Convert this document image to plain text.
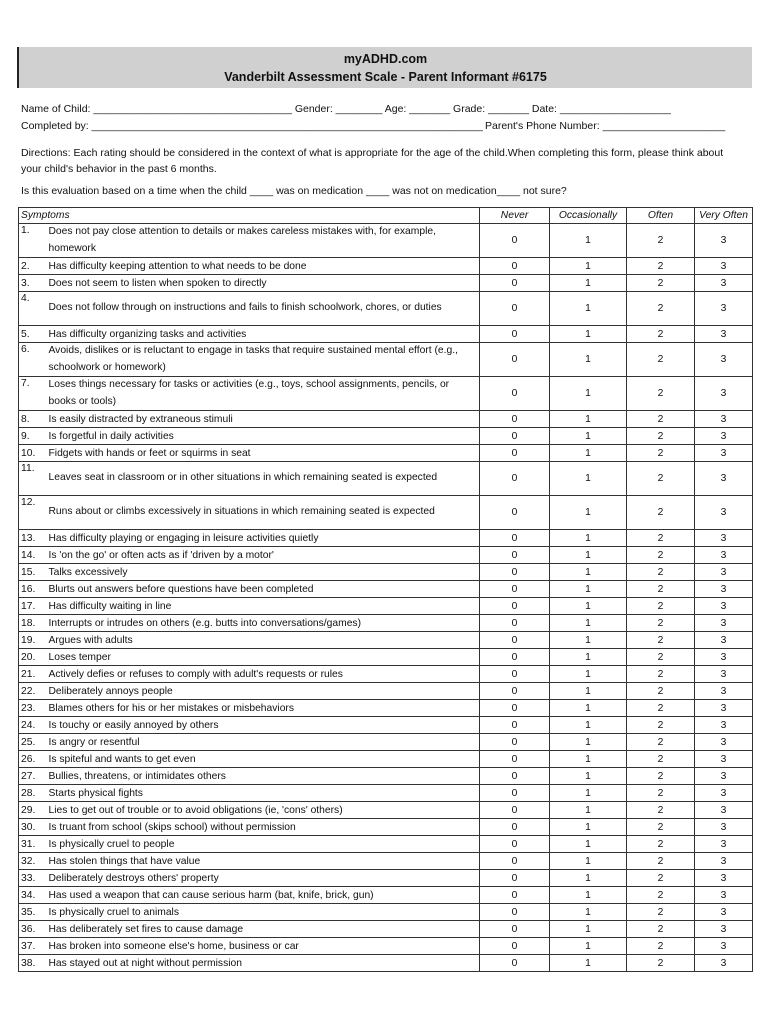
myADHD.com
Vanderbilt Assessment Scale - Parent Informant #6175
Name of Child: __________________________________ Gender: ________ Age: _______ Grade: _______ Date: ___________________
Completed by: ___________________________________________________________________ Parent's Phone Number: _____________________
Directions: Each rating should be considered in the context of what is appropriate for the age of the child.When completing this form, please think about your child's behavior in the past 6 months.
Is this evaluation based on a time when the child ____ was on medication ____ was not on medication____ not sure?
Symptoms		Never	Occasionally	Often	Very Often
1.	Does not pay close attention to details or makes careless mistakes with, for example, homework	0	1	2	3
2.	Has difficulty keeping attention to what needs to be done	0	1	2	3
3.	Does not seem to listen when spoken to directly	0	1	2	3
4.	Does not follow through on instructions and fails to finish schoolwork, chores, or duties	0	1	2	3
5.	Has difficulty organizing tasks and activities	0	1	2	3
6.	Avoids, dislikes or is reluctant to engage in tasks that require sustained mental effort (e.g., schoolwork or homework)	0	1	2	3
7.	Loses things necessary for tasks or activities (e.g., toys, school assignments, pencils, or books or tools)	0	1	2	3
8.	Is easily distracted by extraneous stimuli	0	1	2	3
9.	Is forgetful in daily activities	0	1	2	3
10.	Fidgets with hands or feet or squirms in seat	0	1	2	3
11.	Leaves seat in classroom or in other situations in which remaining seated is expected	0	1	2	3
12.	Runs about or climbs excessively in situations in which remaining seated is expected	0	1	2	3
13.	Has difficulty playing or engaging in leisure activities quietly	0	1	2	3
14.	Is 'on the go' or often acts as if 'driven by a motor'	0	1	2	3
15.	Talks excessively	0	1	2	3
16.	Blurts out answers before questions have been completed	0	1	2	3
17.	Has difficulty waiting in line	0	1	2	3
18.	Interrupts or intrudes on others (e.g. butts into conversations/games)	0	1	2	3
19.	Argues with adults	0	1	2	3
20.	Loses temper	0	1	2	3
21.	Actively defies or refuses to comply with adult's requests or rules	0	1	2	3
22.	Deliberately annoys people	0	1	2	3
23.	Blames others for his or her mistakes or misbehaviors	0	1	2	3
24.	Is touchy or easily annoyed by others	0	1	2	3
25.	Is angry or resentful	0	1	2	3
26.	Is spiteful and wants to get even	0	1	2	3
27.	Bullies, threatens, or intimidates others	0	1	2	3
28.	Starts physical fights	0	1	2	3
29.	Lies to get out of trouble or to avoid obligations (ie, 'cons' others)	0	1	2	3
30.	Is truant from school (skips school) without permission	0	1	2	3
31.	Is physically cruel to people	0	1	2	3
32.	Has stolen things that have value	0	1	2	3
33.	Deliberately destroys others' property	0	1	2	3
34.	Has used a weapon that can cause serious harm (bat, knife, brick, gun)	0	1	2	3
35.	Is physically cruel to animals	0	1	2	3
36.	Has deliberately set fires to cause damage	0	1	2	3
37.	Has broken into someone else's home, business or car	0	1	2	3
38.	Has stayed out at night without permission	0	1	2	3
